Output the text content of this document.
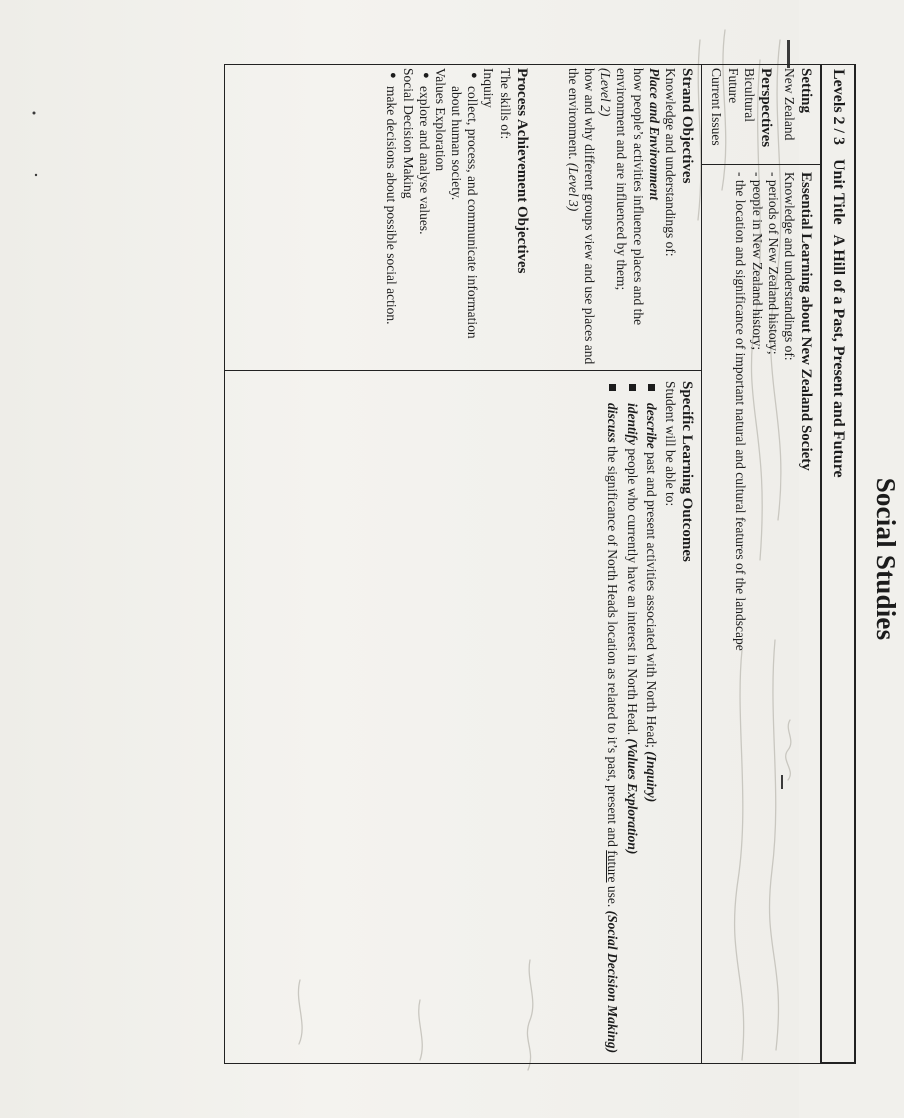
Social Studies
Levels 2 / 3
Unit Title
A Hill of a Past, Present and Future
Setting
New Zealand
Perspectives
Bicultural
Future
Current Issues
Essential Learning about New Zealand Society
Knowledge and understandings of:
- periods of New Zealand history;
- people in New Zealand history;
- the location and significance of important natural and cultural features of the landscape
Strand Objectives
Knowledge and understandings of:
Place and Environment
how people’s activities influence places and the environment and are influenced by them;
(Level 2)
how and why different groups view and use places and the environment. (Level 3)
Process Achievement Objectives
The skills of:
Inquiry
●
collect, process, and communicate information about human society.
Values Exploration
●
explore and analyse values.
Social Decision Making
●
make decisions about possible social action.
Specific Learning Outcomes
Student will be able to:
describe past and present activities associated with North Head; (Inquiry)
identify people who currently have an interest in North Head. (Values Exploration)
discuss the significance of North Heads location as related to it’s past, present and future use. (Social Decision Making)
